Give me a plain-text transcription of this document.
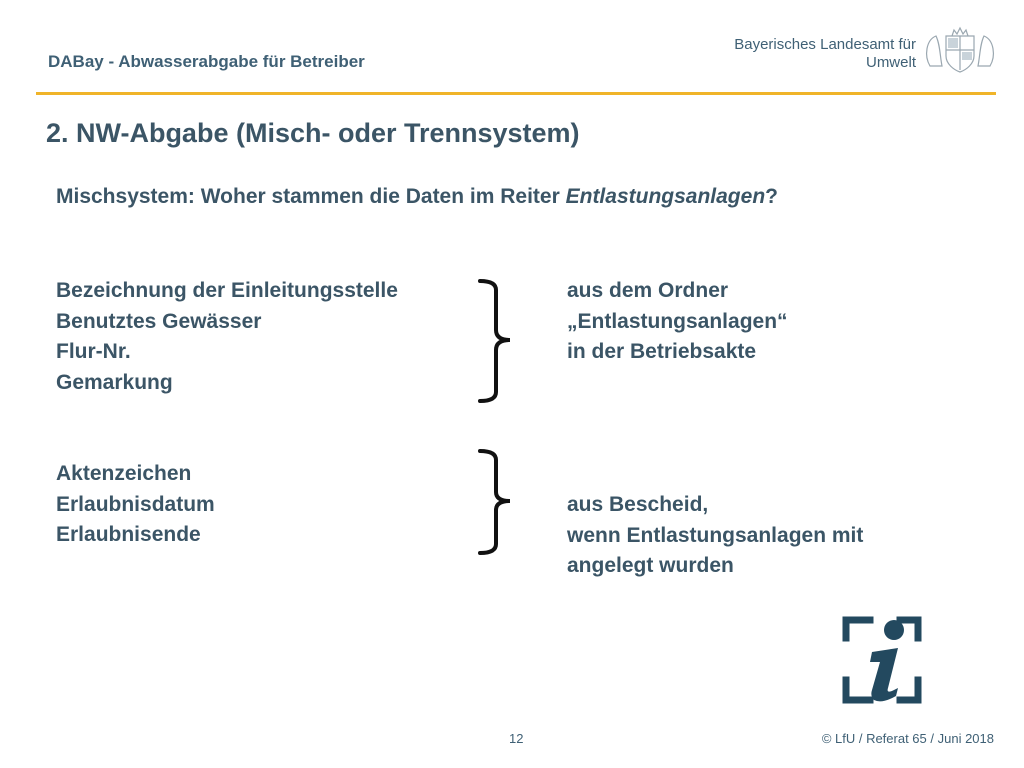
DABay - Abwasserabgabe für Betreiber
Bayerisches Landesamt für
Umwelt
2. NW-Abgabe (Misch- oder Trennsystem)
Mischsystem: Woher stammen die Daten im Reiter Entlastungsanlagen?
Bezeichnung der Einleitungsstelle
Benutztes Gewässer
Flur-Nr.
Gemarkung
aus dem Ordner
„Entlastungsanlagen“
in der Betriebsakte
Aktenzeichen
Erlaubnisdatum
Erlaubnisende
aus Bescheid,
wenn Entlastungsanlagen mit
angelegt wurden
12	© LfU / Referat 65 / Juni 2018
